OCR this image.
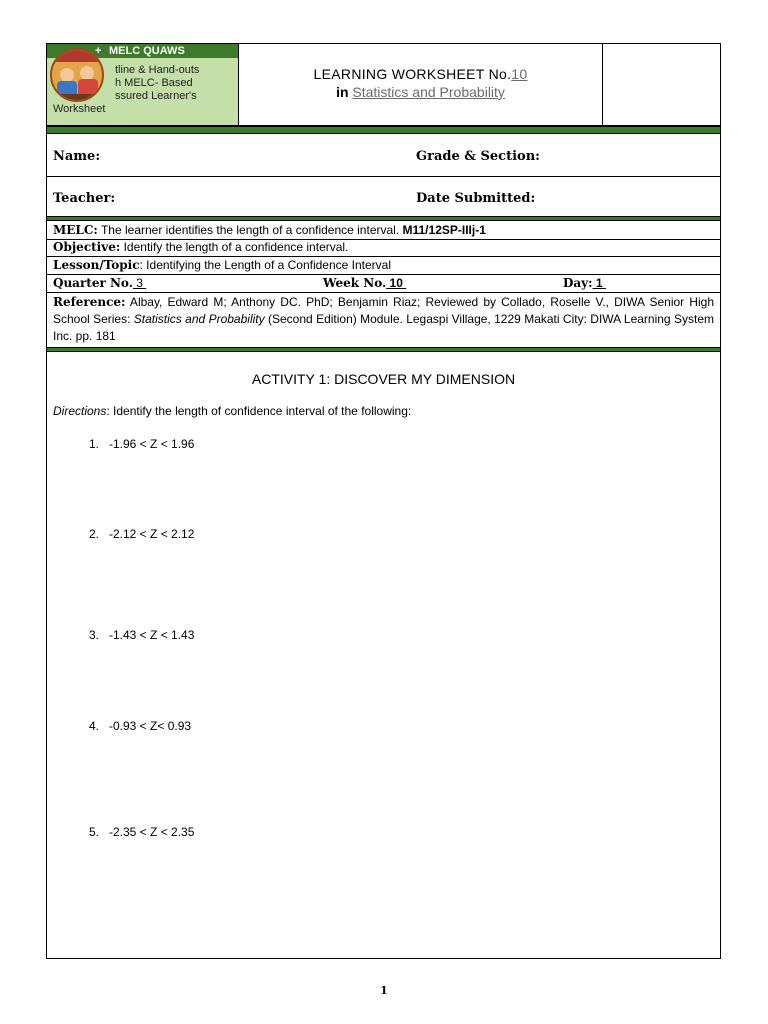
MELC QUAWS
tline & Hand-outs
h MELC- Based
ssured Learner's
Worksheet
LEARNING WORKSHEET No.10
in Statistics and Probability
Name:	Grade & Section:
Teacher:	Date Submitted:
MELC: The learner identifies the length of a confidence interval. M11/12SP-IIIj-1
Objective: Identify the length of a confidence interval.
Lesson/Topic: Identifying the Length of a Confidence Interval
Quarter No. 3	Week No. 10	Day: 1
Reference: Albay, Edward M; Anthony DC. PhD; Benjamin Riaz; Reviewed by Collado, Roselle V., DIWA Senior High School Series: Statistics and Probability (Second Edition) Module. Legaspi Village, 1229 Makati City: DIWA Learning System Inc. pp. 181
ACTIVITY 1: DISCOVER MY DIMENSION
Directions: Identify the length of confidence interval of the following:
1. -1.96 < Z < 1.96
2. -2.12 < Z < 2.12
3. -1.43 < Z < 1.43
4. -0.93 < Z< 0.93
5. -2.35 < Z < 2.35
1
